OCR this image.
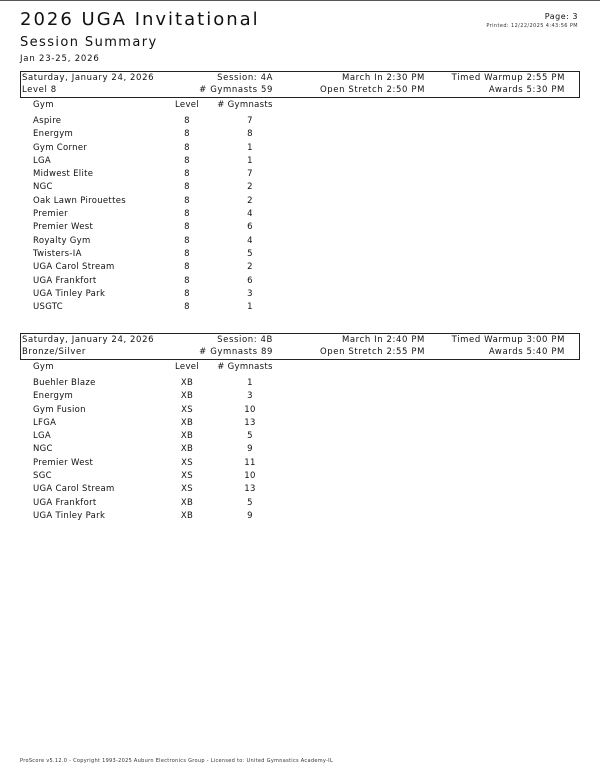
2026 UGA Invitational
Session Summary
Jan 23-25, 2026
Page: 3
Printed: 12/22/2025 4:43:56 PM
Saturday, January 24, 2026	Session: 4A	March In 2:30 PM	Timed Warmup 2:55 PM
Level 8	# Gymnasts 59	Open Stretch 2:50 PM	Awards 5:30 PM
Gym	Level	# Gymnasts
Aspire	8	7
Energym	8	8
Gym Corner	8	1
LGA	8	1
Midwest Elite	8	7
NGC	8	2
Oak Lawn Pirouettes	8	2
Premier	8	4
Premier West	8	6
Royalty Gym	8	4
Twisters-IA	8	5
UGA Carol Stream	8	2
UGA Frankfort	8	6
UGA Tinley Park	8	3
USGTC	8	1
Saturday, January 24, 2026	Session: 4B	March In 2:40 PM	Timed Warmup 3:00 PM
Bronze/Silver	# Gymnasts 89	Open Stretch 2:55 PM	Awards 5:40 PM
Gym	Level	# Gymnasts
Buehler Blaze	XB	1
Energym	XB	3
Gym Fusion	XS	10
LFGA	XB	13
LGA	XB	5
NGC	XB	9
Premier West	XS	11
SGC	XS	10
UGA Carol Stream	XS	13
UGA Frankfort	XB	5
UGA Tinley Park	XB	9
ProScore v5.12.0 - Copyright 1993-2025 Auburn Electronics Group - Licensed to: United Gymnastics Academy-IL
